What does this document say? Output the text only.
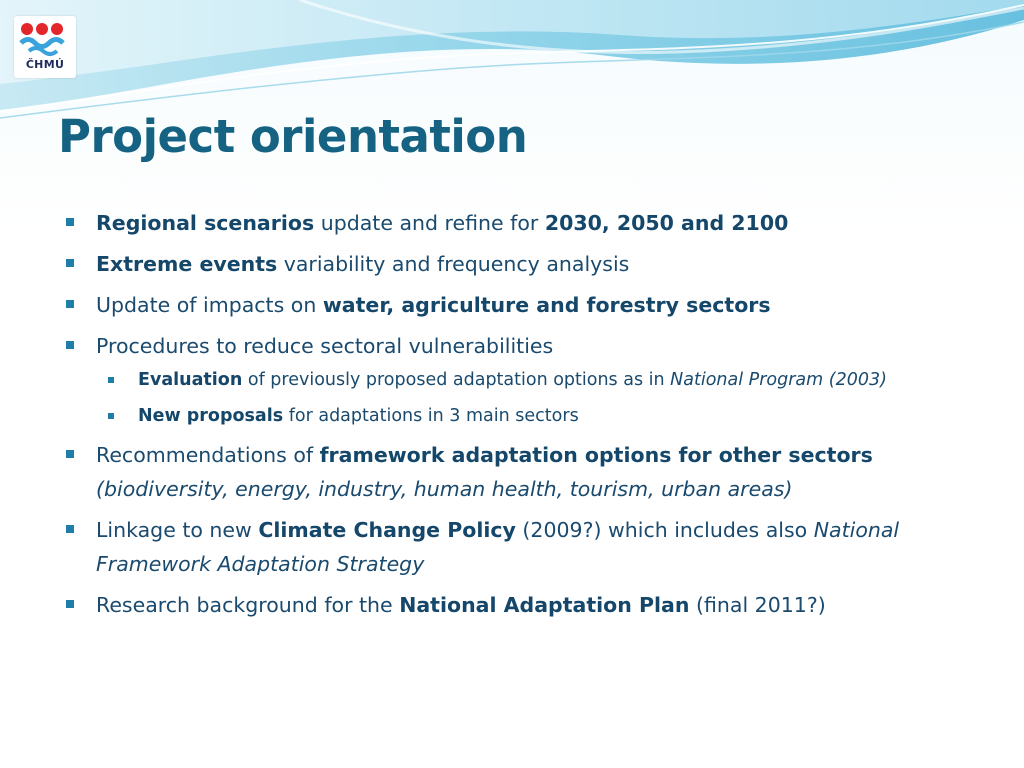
ČHMÚ
Project orientation
Regional scenarios update and refine for 2030, 2050 and 2100
Extreme events variability and frequency analysis
Update of impacts on water, agriculture and forestry sectors
Procedures to reduce sectoral vulnerabilities
Evaluation of previously proposed adaptation options as in National Program (2003)
New proposals for adaptations in 3 main sectors
Recommendations of framework adaptation options for other sectors (biodiversity, energy, industry, human health, tourism, urban areas)
Linkage to new Climate Change Policy (2009?) which includes also National Framework Adaptation Strategy
Research background for the National Adaptation Plan (final 2011?)
